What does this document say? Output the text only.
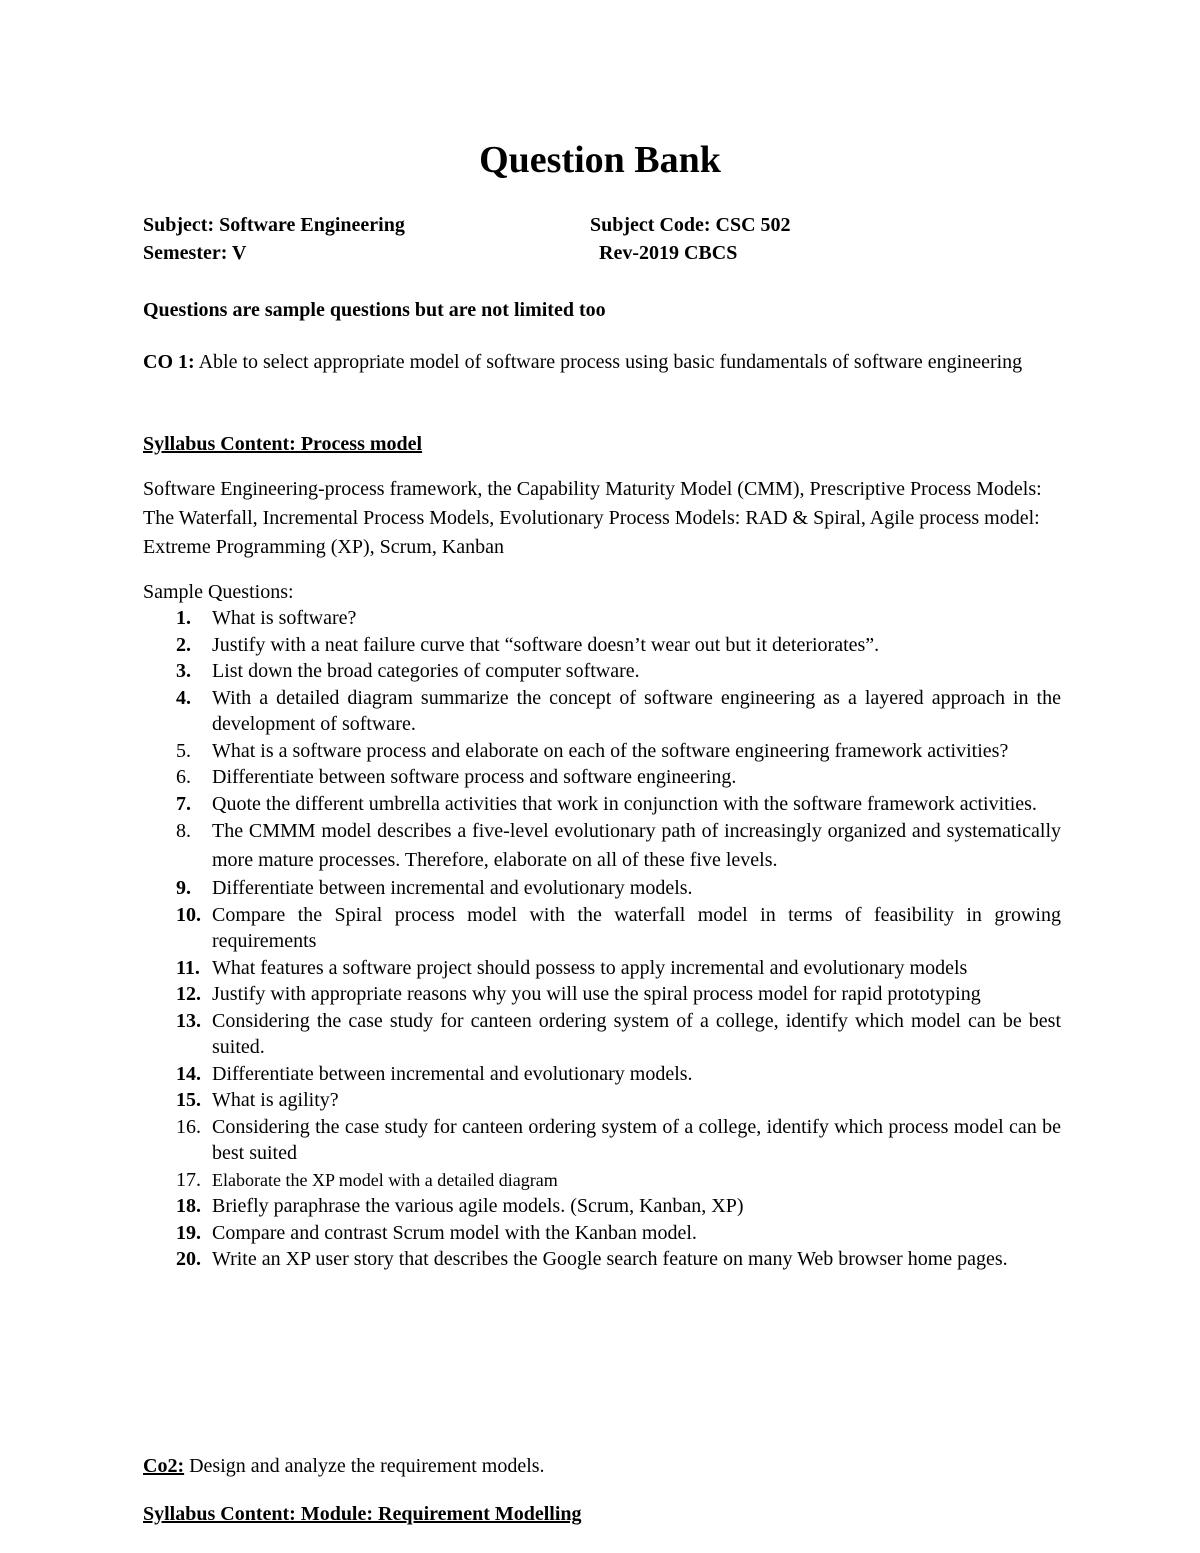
Question Bank
Subject: Software Engineering	Subject Code: CSC 502
Semester: V	Rev-2019 CBCS
Questions are sample questions but are not limited too
CO 1: Able to select appropriate model of software process using basic fundamentals of software engineering
Syllabus Content: Process model
Software Engineering-process framework, the Capability Maturity Model (CMM), Prescriptive Process Models: The Waterfall, Incremental Process Models, Evolutionary Process Models: RAD & Spiral, Agile process model: Extreme Programming (XP), Scrum, Kanban
Sample Questions:
1.	What is software?
2.	Justify with a neat failure curve that “software doesn’t wear out but it deteriorates”.
3.	List down the broad categories of computer software.
4.	With a detailed diagram summarize the concept of software engineering as a layered approach in the development of software.
5.	What is a software process and elaborate on each of the software engineering framework activities?
6.	Differentiate between software process and software engineering.
7.	Quote the different umbrella activities that work in conjunction with the software framework activities.
8.	The CMMM model describes a five-level evolutionary path of increasingly organized and systematically more mature processes. Therefore, elaborate on all of these five levels.
9.	Differentiate between incremental and evolutionary models.
10. Compare the Spiral process model with the waterfall model in terms of feasibility in growing requirements
11. What features a software project should possess to apply incremental and evolutionary models
12. Justify with appropriate reasons why you will use the spiral process model for rapid prototyping
13. Considering the case study for canteen ordering system of a college, identify which model can be best suited.
14. Differentiate between incremental and evolutionary models.
15. What is agility?
16. Considering the case study for canteen ordering system of a college, identify which process model can be best suited
17. Elaborate the XP model with a detailed diagram
18. Briefly paraphrase the various agile models. (Scrum, Kanban, XP)
19. Compare and contrast Scrum model with the Kanban model.
20. Write an XP user story that describes the Google search feature on many Web browser home pages.
Co2: Design and analyze the requirement models.
Syllabus Content: Module: Requirement Modelling
